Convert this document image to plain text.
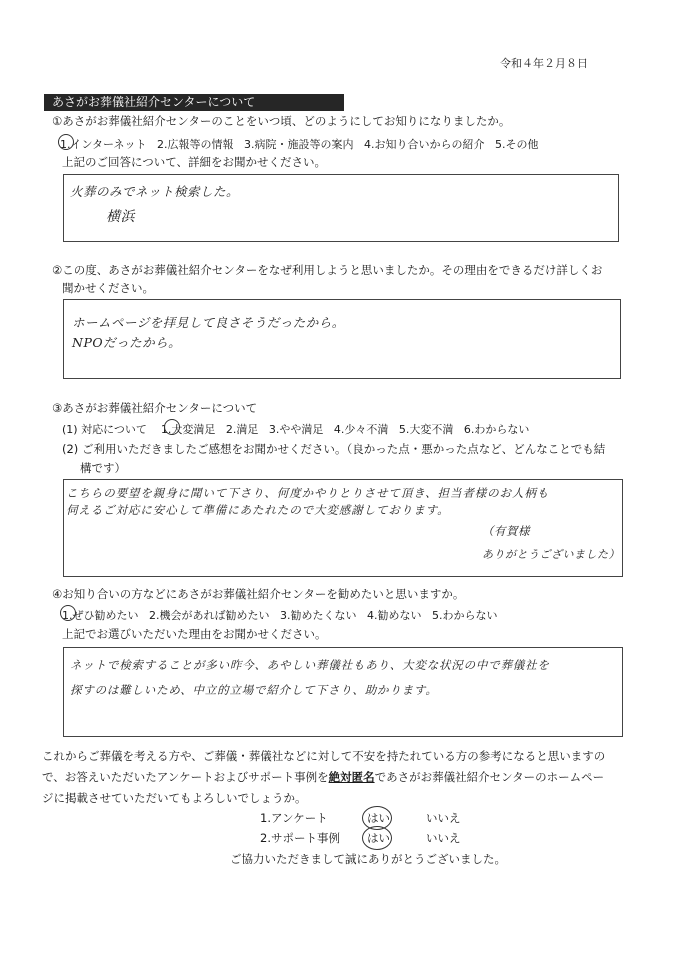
令和４年２月８日
あさがお葬儀社紹介センターについて
①あさがお葬儀社紹介センターのことをいつ頃、どのようにしてお知りになりましたか。
1.インターネット 2.広報等の情報 3.病院・施設等の案内 4.お知り合いからの紹介 5.その他
上記のご回答について、詳細をお聞かせください。
火葬のみでネット検索した。
横浜
②この度、あさがお葬儀社紹介センターをなぜ利用しようと思いましたか。その理由をできるだけ詳しくお
聞かせください。
ホームページを拝見して良さそうだったから。
NPOだったから。
③あさがお葬儀社紹介センターについて
(1) 対応について 1.大変満足 2.満足 3.やや満足 4.少々不満 5.大変不満 6.わからない
(2) ご利用いただきましたご感想をお聞かせください。（良かった点・悪かった点など、どんなことでも結
構です）
こちらの要望を親身に聞いて下さり、何度かやりとりさせて頂き、担当者様のお人柄も
伺えるご対応に安心して準備にあたれたので大変感謝しております。
（有賀様
ありがとうございました）
④お知り合いの方などにあさがお葬儀社紹介センターを勧めたいと思いますか。
1.ぜひ勧めたい 2.機会があれば勧めたい 3.勧めたくない 4.勧めない 5.わからない
上記でお選びいただいた理由をお聞かせください。
ネットで検索することが多い昨今、あやしい葬儀社もあり、大変な状況の中で葬儀社を
探すのは難しいため、中立的立場で紹介して下さり、助かります。
これからご葬儀を考える方や、ご葬儀・葬儀社などに対して不安を持たれている方の参考になると思いますの
で、お答えいただいたアンケートおよびサポート事例を絶対匿名であさがお葬儀社紹介センターのホームペー
ジに掲載させていただいてもよろしいでしょうか。
1.アンケート	はい	いいえ
2.サポート事例 はい	いいえ
ご協力いただきまして誠にありがとうございました。
